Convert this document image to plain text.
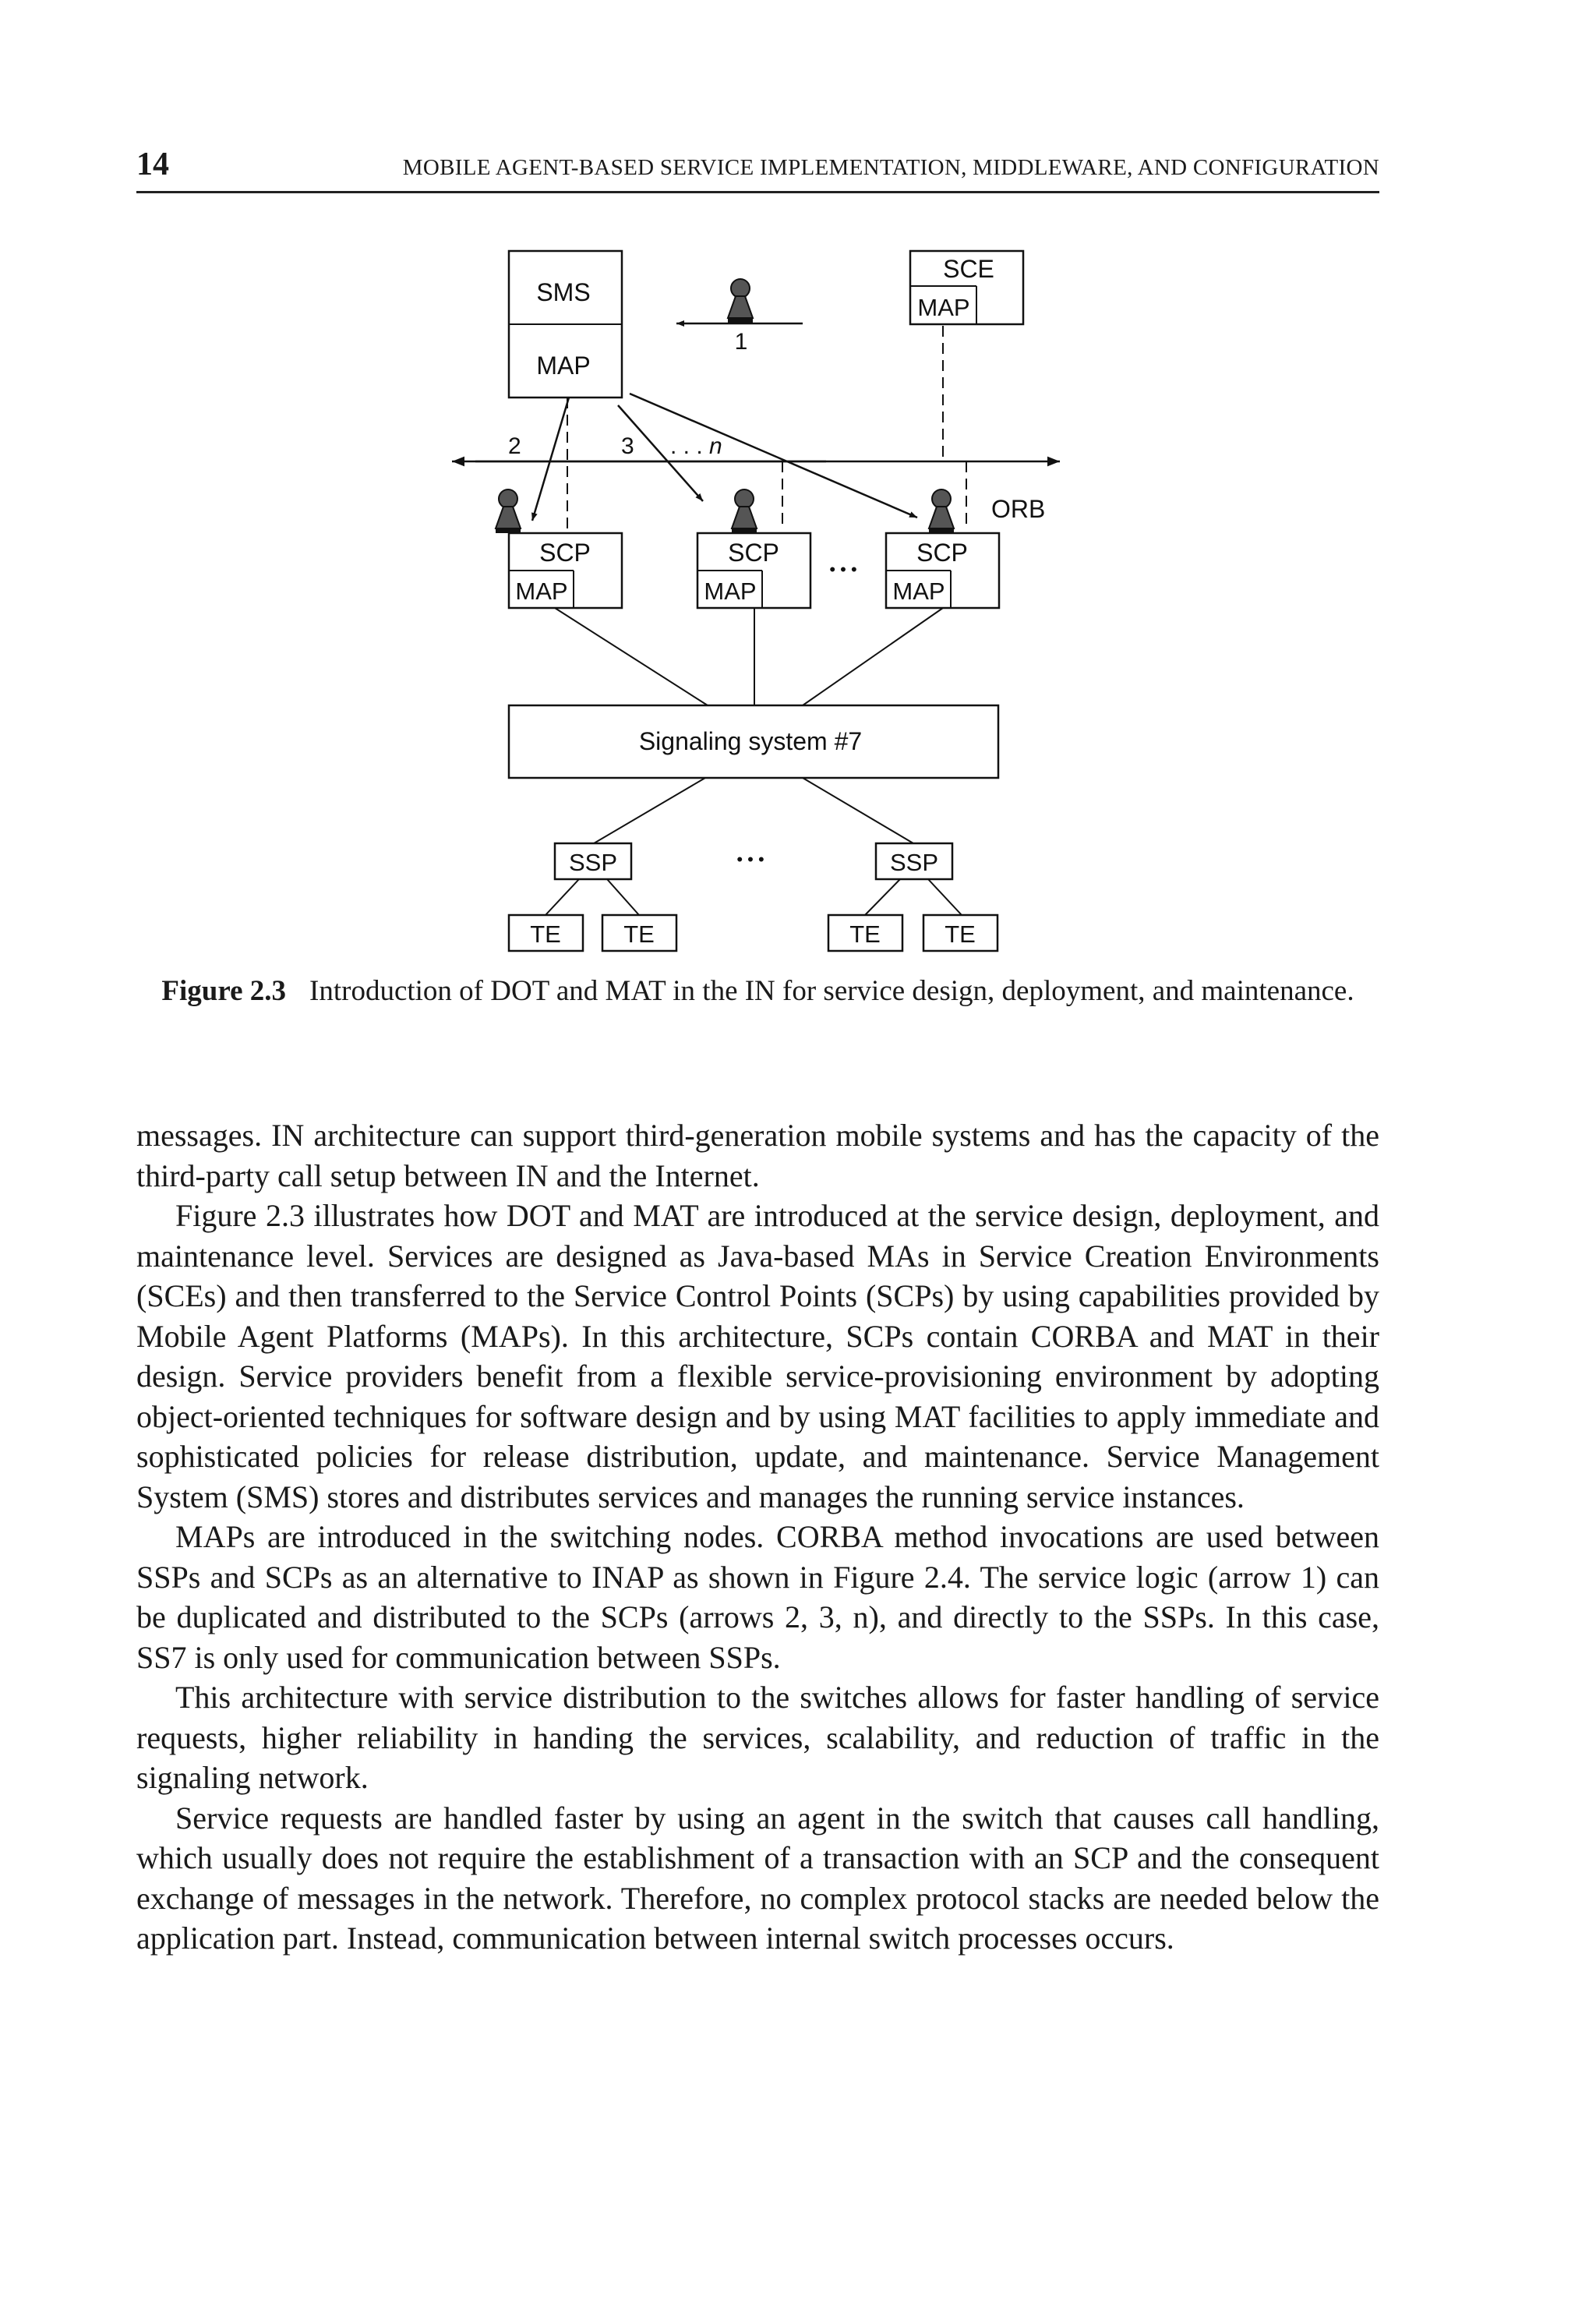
14	MOBILE AGENT-BASED SERVICE IMPLEMENTATION, MIDDLEWARE, AND CONFIGURATION
SMS
MAP
1
SCE
MAP
ORB
2	3 . . . n
SCP
MAP
SCP
MAP
• • •
SCP
MAP
Signaling system #7
SSP	• • •	SSP
TE	TE	TE	TE
Figure 2.3 Introduction of DOT and MAT in the IN for service design, deployment, and maintenance.

messages. IN architecture can support third-generation mobile systems and has the capacity of the third-party call setup between IN and the Internet.

Figure 2.3 illustrates how DOT and MAT are introduced at the service design, deployment, and maintenance level. Services are designed as Java-based MAs in Service Creation Environments (SCEs) and then transferred to the Service Control Points (SCPs) by using capabilities provided by Mobile Agent Platforms (MAPs). In this architecture, SCPs contain CORBA and MAT in their design. Service providers benefit from a flexible service-provisioning environment by adopting object-oriented techniques for software design and by using MAT facilities to apply immediate and sophisticated policies for release distribution, update, and maintenance. Service Management System (SMS) stores and distributes services and manages the running service instances.

MAPs are introduced in the switching nodes. CORBA method invocations are used between SSPs and SCPs as an alternative to INAP as shown in Figure 2.4. The service logic (arrow 1) can be duplicated and distributed to the SCPs (arrows 2, 3, n), and directly to the SSPs. In this case, SS7 is only used for communication between SSPs.

This architecture with service distribution to the switches allows for faster handling of service requests, higher reliability in handing the services, scalability, and reduction of traffic in the signaling network.

Service requests are handled faster by using an agent in the switch that causes call handling, which usually does not require the establishment of a transaction with an SCP and the consequent exchange of messages in the network. Therefore, no complex protocol stacks are needed below the application part. Instead, communication between internal switch processes occurs.
